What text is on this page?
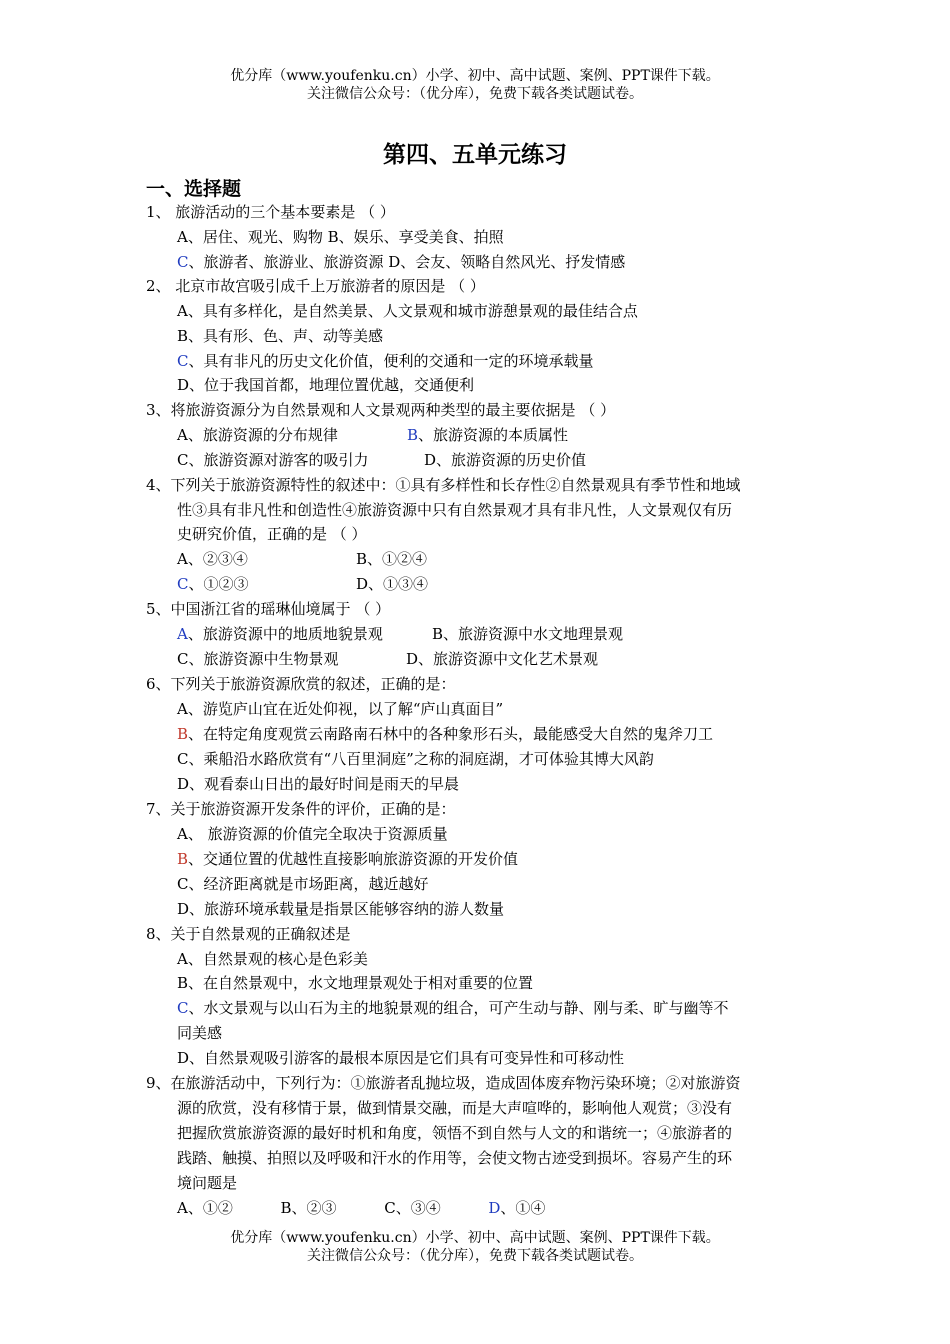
优分库（www.youfenku.cn）小学、初中、高中试题、案例、PPT课件下载。
关注微信公众号：（优分库），免费下载各类试题试卷。
第四、五单元练习
一、选择题
1、 旅游活动的三个基本要素是 （ ）
A、居住、观光、购物 B、娱乐、享受美食、拍照
C、旅游者、旅游业、旅游资源 D、会友、领略自然风光、抒发情感
2、 北京市故宫吸引成千上万旅游者的原因是 （ ）
A、具有多样化，是自然美景、人文景观和城市游憩景观的最佳结合点
B、具有形、色、声、动等美感
C、具有非凡的历史文化价值，便利的交通和一定的环境承载量
D、位于我国首都，地理位置优越，交通便利
3、将旅游资源分为自然景观和人文景观两种类型的最主要依据是 （ ）
A、旅游资源的分布规律	B、旅游资源的本质属性
C、旅游资源对游客的吸引力	D、旅游资源的历史价值
4、下列关于旅游资源特性的叙述中：①具有多样性和长存性②自然景观具有季节性和地域
性③具有非凡性和创造性④旅游资源中只有自然景观才具有非凡性，人文景观仅有历
史研究价值，正确的是 （ ）
A、②③④	B、①②④
C、①②③	D、①③④
5、中国浙江省的瑶琳仙境属于 （ ）
A、旅游资源中的地质地貌景观	B、旅游资源中水文地理景观
C、旅游资源中生物景观	D、旅游资源中文化艺术景观
6、下列关于旅游资源欣赏的叙述，正确的是：
A、游览庐山宜在近处仰视，以了解“庐山真面目”
B、在特定角度观赏云南路南石林中的各种象形石头，最能感受大自然的鬼斧刀工
C、乘船沿水路欣赏有“八百里洞庭”之称的洞庭湖，才可体验其博大风韵
D、观看泰山日出的最好时间是雨天的早晨
7、关于旅游资源开发条件的评价，正确的是：
A、 旅游资源的价值完全取决于资源质量
B、交通位置的优越性直接影响旅游资源的开发价值
C、经济距离就是市场距离，越近越好
D、旅游环境承载量是指景区能够容纳的游人数量
8、关于自然景观的正确叙述是
A、自然景观的核心是色彩美
B、在自然景观中，水文地理景观处于相对重要的位置
C、水文景观与以山石为主的地貌景观的组合，可产生动与静、刚与柔、旷与幽等不
同美感
D、自然景观吸引游客的最根本原因是它们具有可变异性和可移动性
9、在旅游活动中，下列行为：①旅游者乱抛垃圾，造成固体废弃物污染环境；②对旅游资
源的欣赏，没有移情于景，做到情景交融，而是大声喧哗的，影响他人观赏；③没有
把握欣赏旅游资源的最好时机和角度，领悟不到自然与人文的和谐统一；④旅游者的
践踏、触摸、拍照以及呼吸和汗水的作用等，会使文物古迹受到损坏。容易产生的环
境问题是
A、①②          B、②③          C、③④          D、①④
优分库（www.youfenku.cn）小学、初中、高中试题、案例、PPT课件下载。
关注微信公众号：（优分库），免费下载各类试题试卷。
